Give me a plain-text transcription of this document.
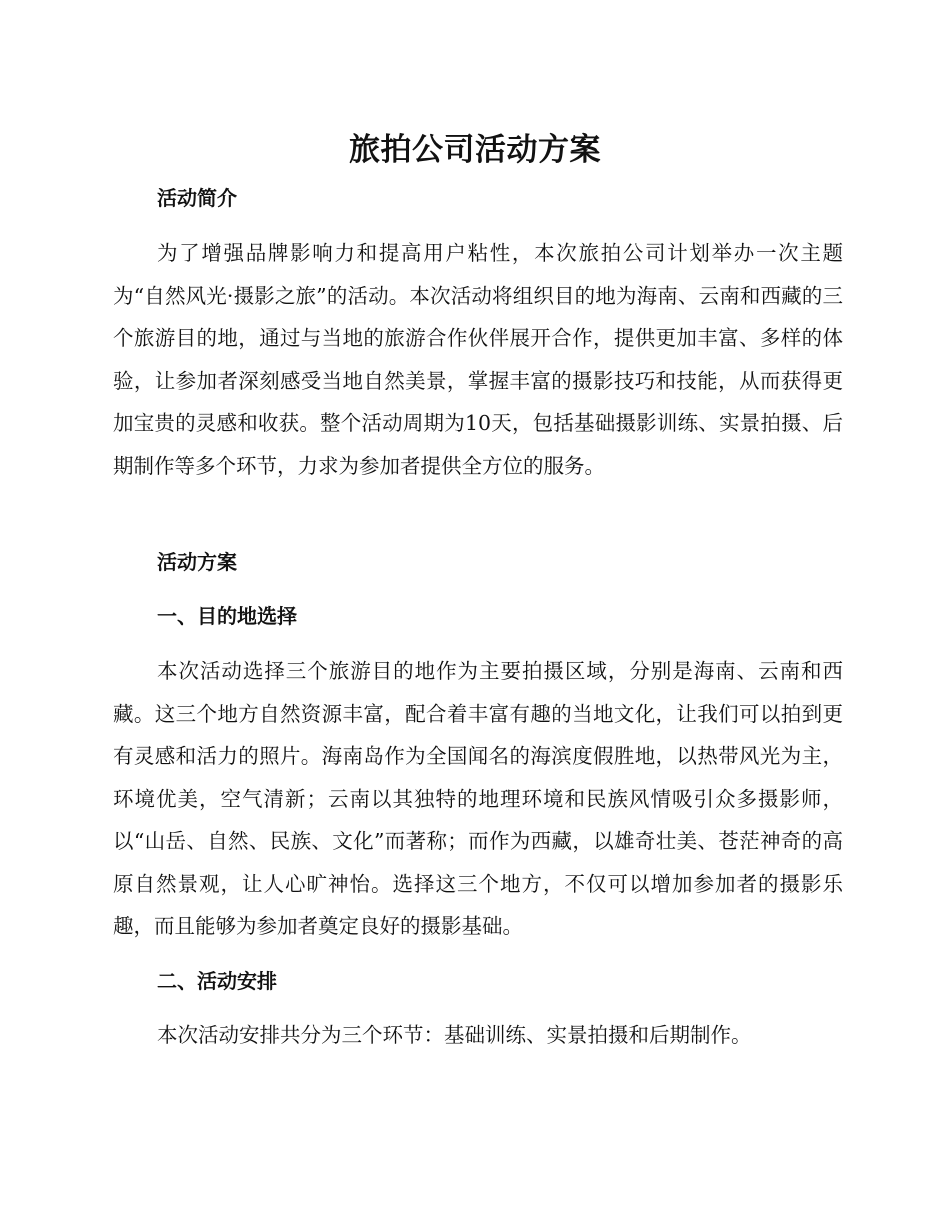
旅拍公司活动方案
活动简介

为了增强品牌影响力和提高用户粘性，本次旅拍公司计划举办一次主题为“自然风光·摄影之旅”的活动。本次活动将组织目的地为海南、云南和西藏的三个旅游目的地，通过与当地的旅游合作伙伴展开合作，提供更加丰富、多样的体验，让参加者深刻感受当地自然美景，掌握丰富的摄影技巧和技能，从而获得更加宝贵的灵感和收获。整个活动周期为10天，包括基础摄影训练、实景拍摄、后期制作等多个环节，力求为参加者提供全方位的服务。

活动方案
一、目的地选择

本次活动选择三个旅游目的地作为主要拍摄区域，分别是海南、云南和西藏。这三个地方自然资源丰富，配合着丰富有趣的当地文化，让我们可以拍到更有灵感和活力的照片。海南岛作为全国闻名的海滨度假胜地，以热带风光为主，环境优美，空气清新；云南以其独特的地理环境和民族风情吸引众多摄影师，以“山岳、自然、民族、文化”而著称；而作为西藏，以雄奇壮美、苍茫神奇的高原自然景观，让人心旷神怡。选择这三个地方，不仅可以增加参加者的摄影乐趣，而且能够为参加者奠定良好的摄影基础。

二、活动安排

本次活动安排共分为三个环节：基础训练、实景拍摄和后期制作。
